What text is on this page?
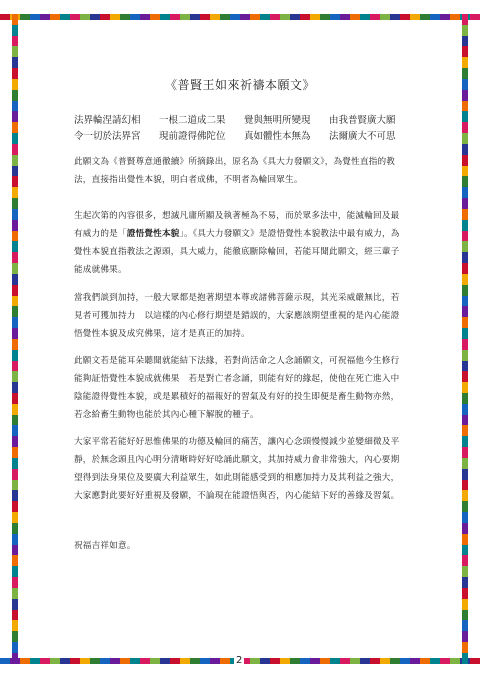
《普賢王如來祈禱本願文》
法界輪涅請幻相	一根二道成二果	覺與無明所變現	由我普賢廣大願
令一切於法界宮	現前證得佛陀位	真如體性本無為	法爾廣大不可思

此願文為《普賢尊意通徹續》所摘錄出，原名為《具大力發願文》，為覺性直指的教法，直接指出覺性本貌，明白者成佛，不明者為輪回眾生。

生起次第的內容很多，想滅凡庸所顯及執著極為不易，而於眾多法中，能滅輪回及最有威力的是「證悟覺性本貌」。《具大力發願文》是證悟覺性本貌教法中最有威力，為覺性本貌直指教法之源頭，具大威力，能徹底斷除輪回，若能耳聞此願文，經三輩子能成就佛果。

當我們談到加持，一般大眾都是抱著期望本尊或諸佛菩薩示現，其光采威嚴無比，若見者可獲加持力　以這樣的內心修行期望是錯誤的，大家應該期望重視的是內心能證悟覺性本貌及成究佛果，這才是真正的加持。

此願文若是能耳朵聽聞就能結下法緣，若對尚活命之人念誦願文，可祝福他今生修行能夠証悟覺性本貌成就佛果　若是對亡者念誦，則能有好的緣起，使他在死亡進入中陰能證得覺性本貌，或是累積好的福報好的習氣及有好的投生即便是畜生動物亦然，若念給畜生動物也能於其內心種下解脫的種子。

大家平常若能好好思惟佛果的功德及輪回的痛苦，讓內心念頭慢慢減少並變細微及平靜，於無念頭且內心明分清晰時好好唸誦此願文，其加持威力會非常強大，內心要期望得到法身果位及要廣大利益眾生，如此則能感受到的相應加持力及其利益之強大，大家應對此要好好重視及發願，不論現在能證悟與否，內心能結下好的善緣及習氣。

祝福吉祥如意。

2
